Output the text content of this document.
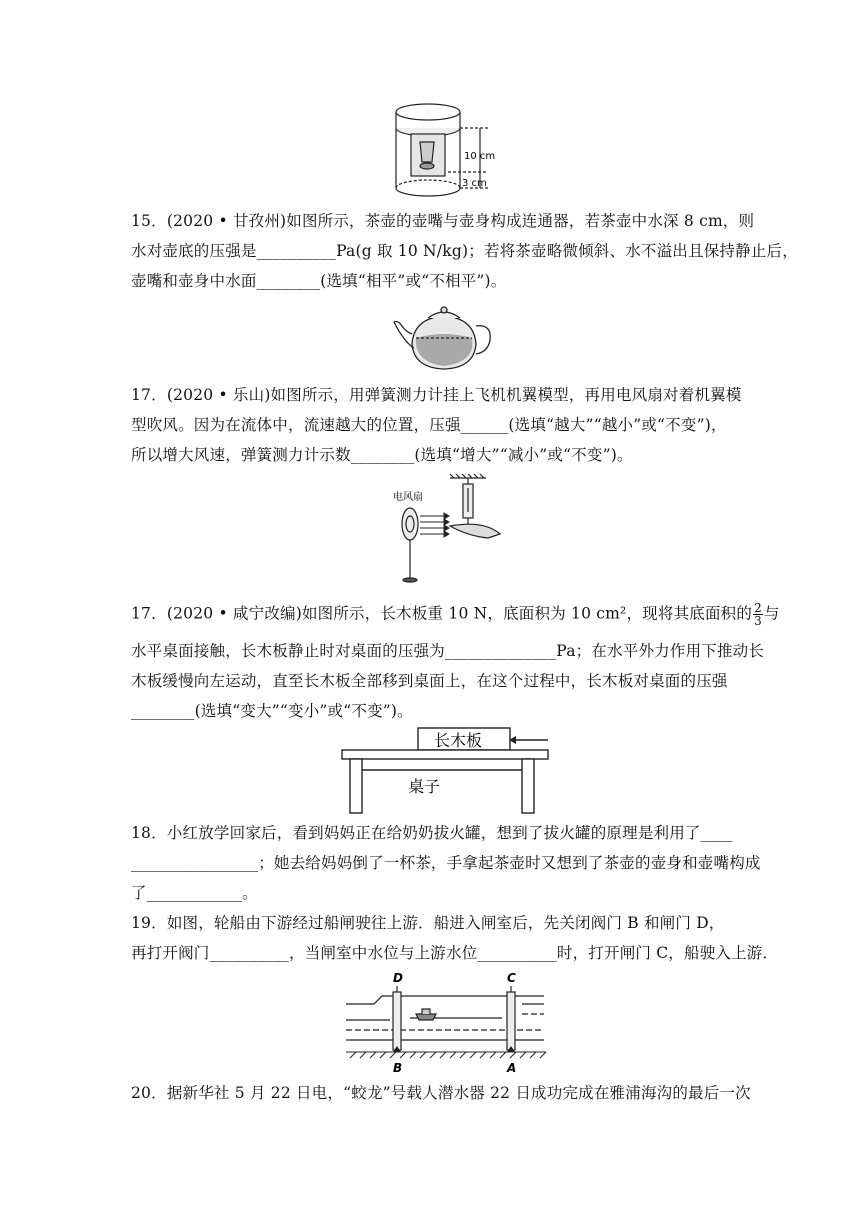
10 cm
3 cm
15．(2020 • 甘孜州)如图所示，茶壶的壶嘴与壶身构成连通器，若茶壶中水深 8 cm，则
水对壶底的压强是__________Pa(g 取 10 N/kg)；若将茶壶略微倾斜、水不溢出且保持静止后，
壶嘴和壶身中水面________(选填“相平”或“不相平”)。
17．(2020 • 乐山)如图所示，用弹簧测力计挂上飞机机翼模型，再用电风扇对着机翼模
型吹风。因为在流体中，流速越大的位置，压强______(选填“越大”“越小”或“不变”)，
所以增大风速，弹簧测力计示数________(选填“增大”“减小”或“不变”)。
电风扇
17．(2020 • 咸宁改编)如图所示，长木板重 10 N，底面积为 10 cm²，现将其底面积的 $\frac{2}{3}$ 与
水平桌面接触，长木板静止时对桌面的压强为______________Pa；在水平外力作用下推动长
木板缓慢向左运动，直至长木板全部移到桌面上，在这个过程中，长木板对桌面的压强
________(选填“变大”“变小”或“不变”)。
长木板
桌子
18．小红放学回家后，看到妈妈正在给奶奶拔火罐，想到了拔火罐的原理是利用了____
________________；她去给妈妈倒了一杯茶，手拿起茶壶时又想到了茶壶的壶身和壶嘴构成
了____________。
19．如图，轮船由下游经过船闸驶往上游．船进入闸室后，先关闭阀门 B 和闸门 D，
再打开阀门__________，当闸室中水位与上游水位__________时，打开闸门 C，船驶入上游．
D	C
B	A
20．据新华社 5 月 22 日电，“蛟龙”号载人潜水器 22 日成功完成在雅浦海沟的最后一次
